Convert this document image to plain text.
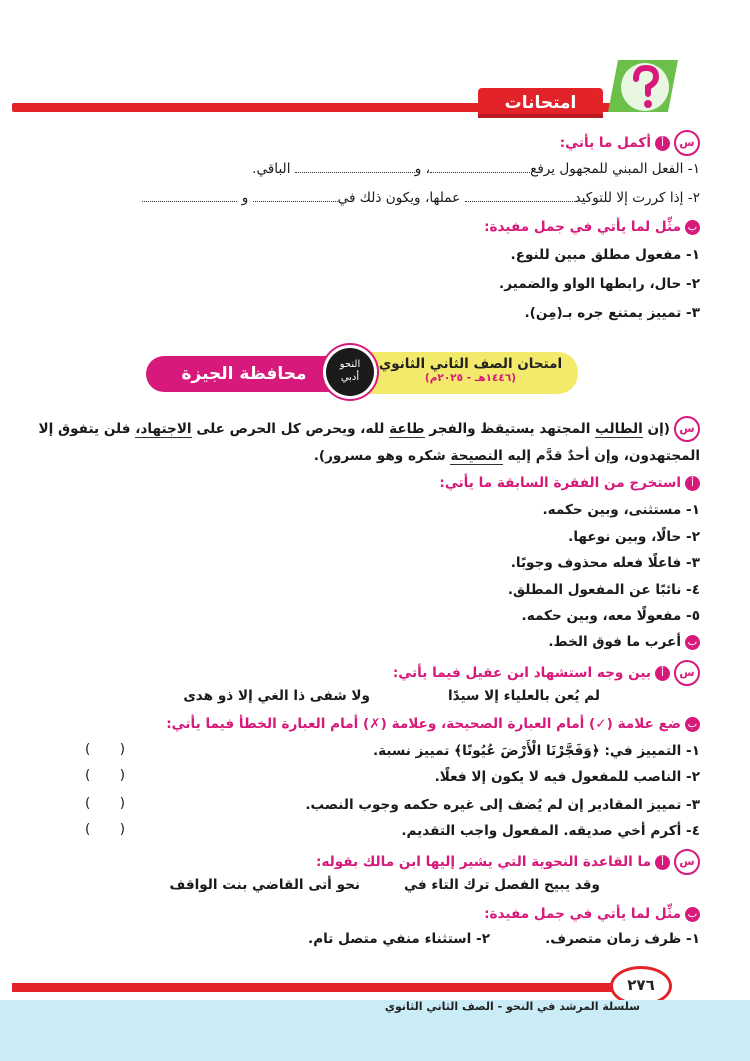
امتحانات
سأأكمل ما يأتي:
١- الفعل المبني للمجهول يرفع، و الباقي.
٢- إذا كررت إلا للتوكيد عملها، ويكون ذلك في و
بمثِّل لما يأتي في جمل مفيدة:
١- مفعول مطلق مبين للنوع.
٢- حال، رابطها الواو والضمير.
٣- تمييز يمتنع جره بـ(مِن).
محافظة الجيزة	امتحان الصف الثاني الثانوي
(١٤٤٦هـ - ٢٠٢٥م)
النحو
أدبي
س(إن الطالب المجتهد يستيقظ والفجر طاعة لله، ويحرص كل الحرص على الاجتهاد، فلن يتفوق إلا
المجتهدون، وإن أحدٌ قدَّم إليه النصيحة شكره وهو مسرور).
أاستخرج من الفقرة السابقة ما يأتي:
١- مستثنى، وبين حكمه.
٢- حالًا، وبين نوعها.
٣- فاعلًا فعله محذوف وجوبًا.
٤- نائبًا عن المفعول المطلق.
٥- مفعولًا معه، وبين حكمه.
بأعرب ما فوق الخط.
سأبين وجه استشهاد ابن عقيل فيما يأتي:
لم يُعن بالعلياء إلا سيدًا
ولا شفى ذا الغي إلا ذو هدى
بضع علامة (✓) أمام العبارة الصحيحة، وعلامة (✗) أمام العبارة الخطأ فيما يأتي:
١- التمييز في: ﴿وَفَجَّرْنَا الْأَرْضَ عُيُونًا﴾ تمييز نسبة.
( )
٢- الناصب للمفعول فيه لا يكون إلا فعلًا.
( )
٣- تمييز المقادير إن لم يُضف إلى غيره حكمه وجوب النصب.
( )
٤- أكرم أخي صديقه. المفعول واجب التقديم.
( )
سأما القاعدة النحوية التي يشير إليها ابن مالك بقوله:
وقد يبيح الفصل ترك التاء في
نحو أتى القاضي بنت الواقف
بمثِّل لما يأتي في جمل مفيدة:
١- ظرف زمان متصرف.
٢- استثناء منفي متصل تام.
٢٧٦
سلسلة المرشد في النحو - الصف الثاني الثانوي
